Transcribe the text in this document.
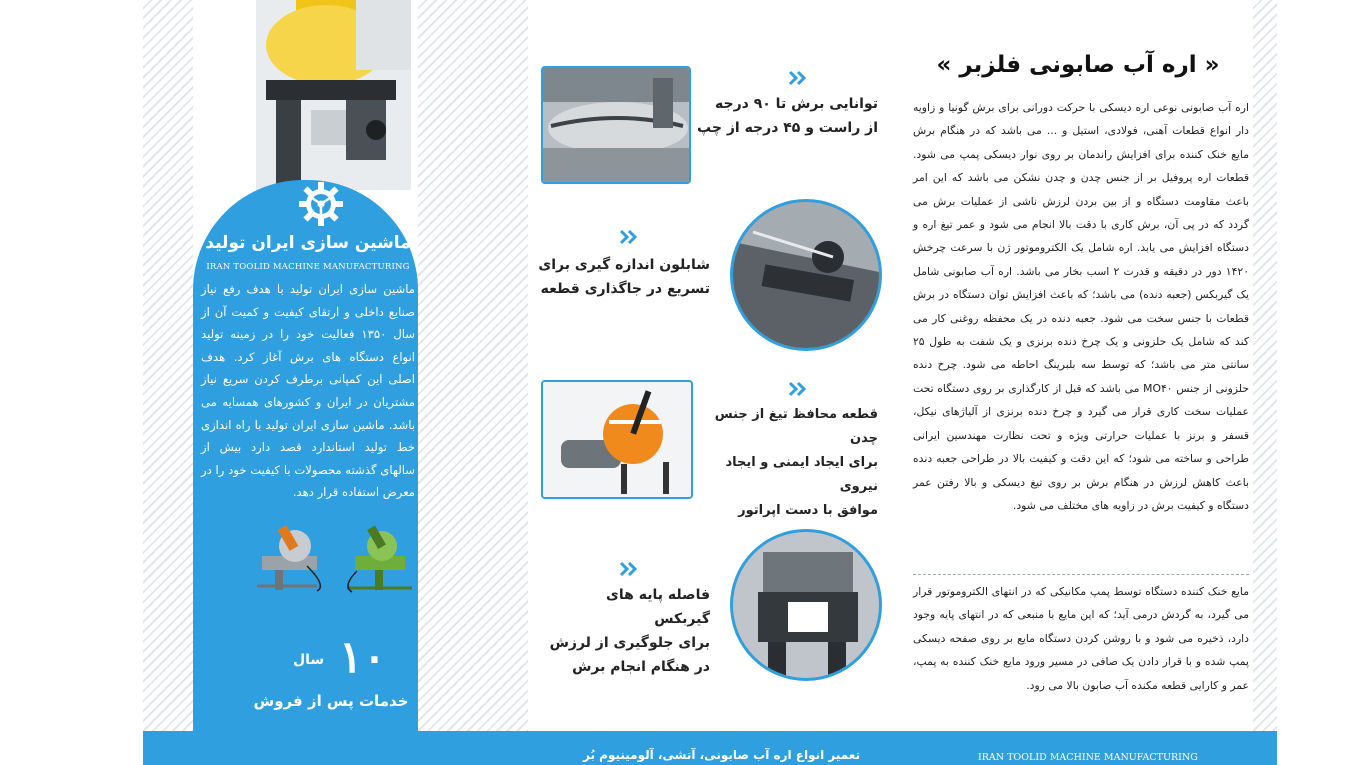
ماشین سازی ایران تولید
IRAN TOOLID MACHINE MANUFACTURING
ماشین سازی ایران تولید با هدف رفع نیاز صنایع داخلی و ارتقای کیفیت و کمیت آن از سال ۱۳۵۰ فعالیت خود را در زمینه تولید انواع دستگاه های برش آغاز کرد. هدف اصلی این کمپانی برطرف کردن سریع نیاز مشتریان در ایران و کشورهای همسایه می باشد. ماشین سازی ایران تولید با راه اندازی خط تولید استاندارد قصد دارد بیش از سالهای گذشته محصولات با کیفیت خود را در معرض استفاده قرار دهد.
۱۰
سال
خدمات پس از فروش
توانایی برش تا ۹۰ درجه
از راست و ۴۵ درجه از چپ
شابلون اندازه گیری برای
تسریع در جاگذاری قطعه
قطعه محافظ تیغ از جنس چدن
برای ایجاد ایمنی و ایجاد نیروی
موافق با دست اپراتور
فاصله پایه های گیربکس
برای جلوگیری از لرزش
در هنگام انجام برش
« اره آب صابونی فلزبر »
اره آب صابونی نوعی اره دیسکی با حرکت دورانی برای برش گونیا و زاویه دار انواع قطعات آهنی، فولادی، استیل و ... می باشد که در هنگام برش مایع خنک کننده برای افزایش راندمان بر روی نوار دیسکی پمپ می شود. قطعات اره پروفیل بر از جنس چدن و چدن نشکن می باشد که این امر باعث مقاومت دستگاه و از بین بردن لرزش ناشی از عملیات برش می گردد که در پی آن، برش کاری با دقت بالا انجام می شود و عمر تیغ اره و دستگاه افزایش می یابد. اره شامل یک الکتروموتور ژن با سرعت چرخش ۱۴۲۰ دور در دقیقه و قدرت ۲ اسب بخار می باشد. اره آب صابونی شامل یک گیربکس (جعبه دنده) می باشد؛ که باعث افزایش توان دستگاه در برش قطعات با جنس سخت می شود. جعبه دنده در یک محفظه روغنی کار می کند که شامل یک حلزونی و یک چرخ دنده برنزی و یک شفت به طول ۲۵ سانتی متر می باشد؛ که توسط سه بلبرینگ احاطه می شود. چرخ دنده حلزونی از جنس MO۴۰ می باشد که قبل از کارگذاری بر روی دستگاه تحت عملیات سخت کاری قرار می گیرد و چرخ دنده برنزی از آلیاژهای نیکل، قسفر و برنز با عملیات حرارتی ویژه و تحت نظارت مهندسین ایرانی طراحی و ساخته می شود؛ که این دقت و کیفیت بالا در طراحی جعبه دنده باعث کاهش لرزش در هنگام برش بر روی تیغ دیسکی و بالا رفتن عمر دستگاه و کیفیت برش در زاویه های مختلف می شود.
مایع خنک کننده دستگاه توسط پمپ مکانیکی که در انتهای الکتروموتور قرار می گیرد، به گردش درمی آید؛ که این مایع با منبعی که در انتهای پایه وجود دارد، ذخیره می شود و با روشن کردن دستگاه مایع بر روی صفحه دیسکی پمپ شده و با قرار دادن یک صافی در مسیر ورود مایع خنک کننده به پمپ، عمر و کارایی قطعه مکنده آب صابون بالا می رود.
تعمیر انواع اره آب صابونی، آتشی، آلومینیوم بُر	IRAN TOOLID MACHINE MANUFACTURING
